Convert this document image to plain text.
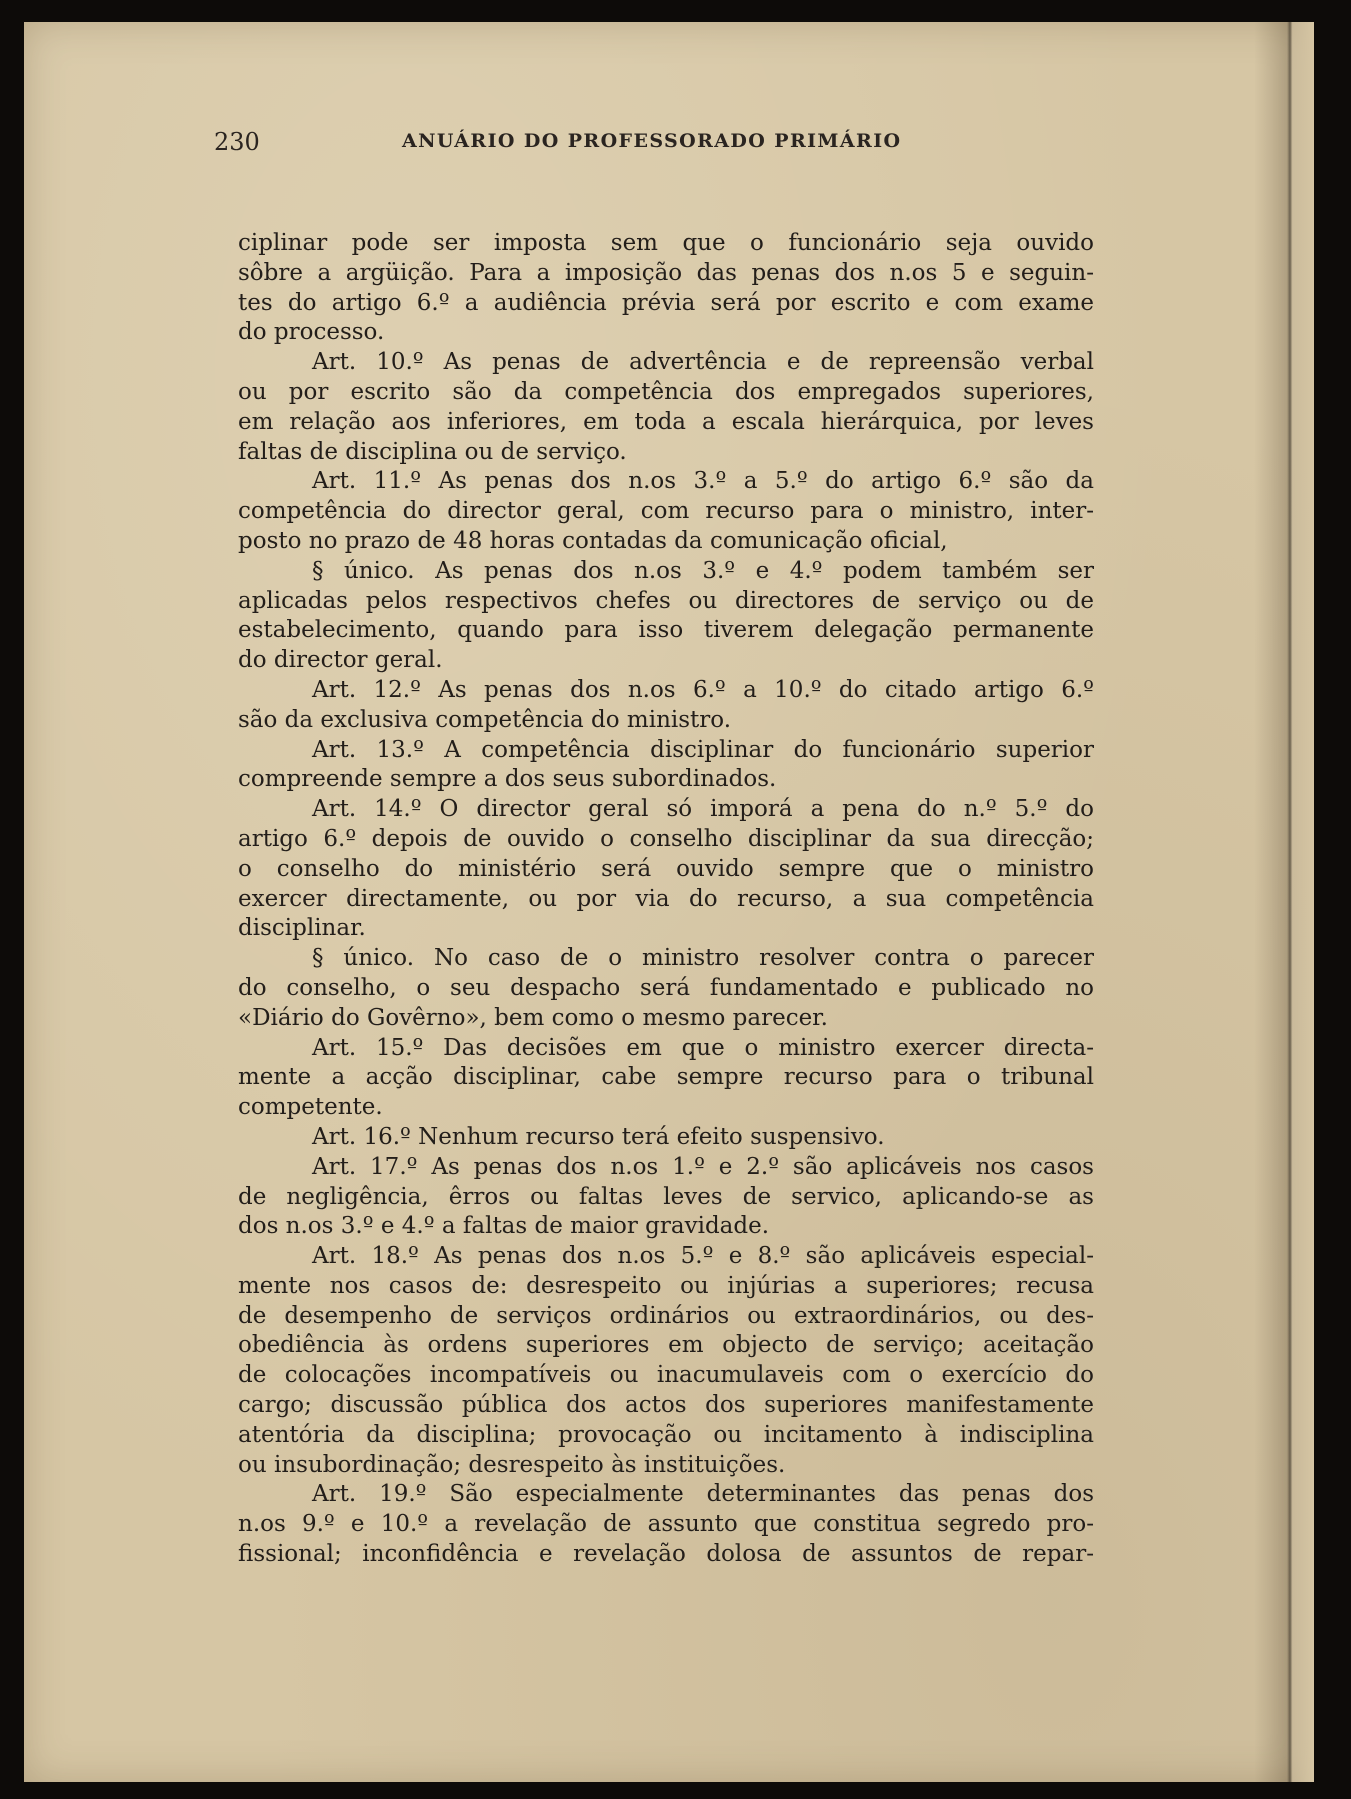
230	ANUÁRIO DO PROFESSORADO PRIMÁRIO
ciplinar pode ser imposta sem que o funcionário seja ouvido
sôbre a argüição. Para a imposição das penas dos n.os 5 e seguin-
tes do artigo 6.º a audiência prévia será por escrito e com exame
do processo.
Art. 10.º As penas de advertência e de repreensão verbal
ou por escrito são da competência dos empregados superiores,
em relação aos inferiores, em toda a escala hierárquica, por leves
faltas de disciplina ou de serviço.
Art. 11.º As penas dos n.os 3.º a 5.º do artigo 6.º são da
competência do director geral, com recurso para o ministro, inter-
posto no prazo de 48 horas contadas da comunicação oficial,
§ único. As penas dos n.os 3.º e 4.º podem também ser
aplicadas pelos respectivos chefes ou directores de serviço ou de
estabelecimento, quando para isso tiverem delegação permanente
do director geral.
Art. 12.º As penas dos n.os 6.º a 10.º do citado artigo 6.º
são da exclusiva competência do ministro.
Art. 13.º A competência disciplinar do funcionário superior
compreende sempre a dos seus subordinados.
Art. 14.º O director geral só imporá a pena do n.º 5.º do
artigo 6.º depois de ouvido o conselho disciplinar da sua direcção;
o conselho do ministério será ouvido sempre que o ministro
exercer directamente, ou por via do recurso, a sua competência
disciplinar.
§ único. No caso de o ministro resolver contra o parecer
do conselho, o seu despacho será fundamentado e publicado no
«Diário do Govêrno», bem como o mesmo parecer.
Art. 15.º Das decisões em que o ministro exercer directa-
mente a acção disciplinar, cabe sempre recurso para o tribunal
competente.
Art. 16.º Nenhum recurso terá efeito suspensivo.
Art. 17.º As penas dos n.os 1.º e 2.º são aplicáveis nos casos
de negligência, êrros ou faltas leves de servico, aplicando-se as
dos n.os 3.º e 4.º a faltas de maior gravidade.
Art. 18.º As penas dos n.os 5.º e 8.º são aplicáveis especial-
mente nos casos de: desrespeito ou injúrias a superiores; recusa
de desempenho de serviços ordinários ou extraordinários, ou des-
obediência às ordens superiores em objecto de serviço; aceitação
de colocações incompatíveis ou inacumulaveis com o exercício do
cargo; discussão pública dos actos dos superiores manifestamente
atentória da disciplina; provocação ou incitamento à indisciplina
ou insubordinação; desrespeito às instituições.
Art. 19.º São especialmente determinantes das penas dos
n.os 9.º e 10.º a revelação de assunto que constitua segredo pro-
fissional; inconfidência e revelação dolosa de assuntos de repar-
